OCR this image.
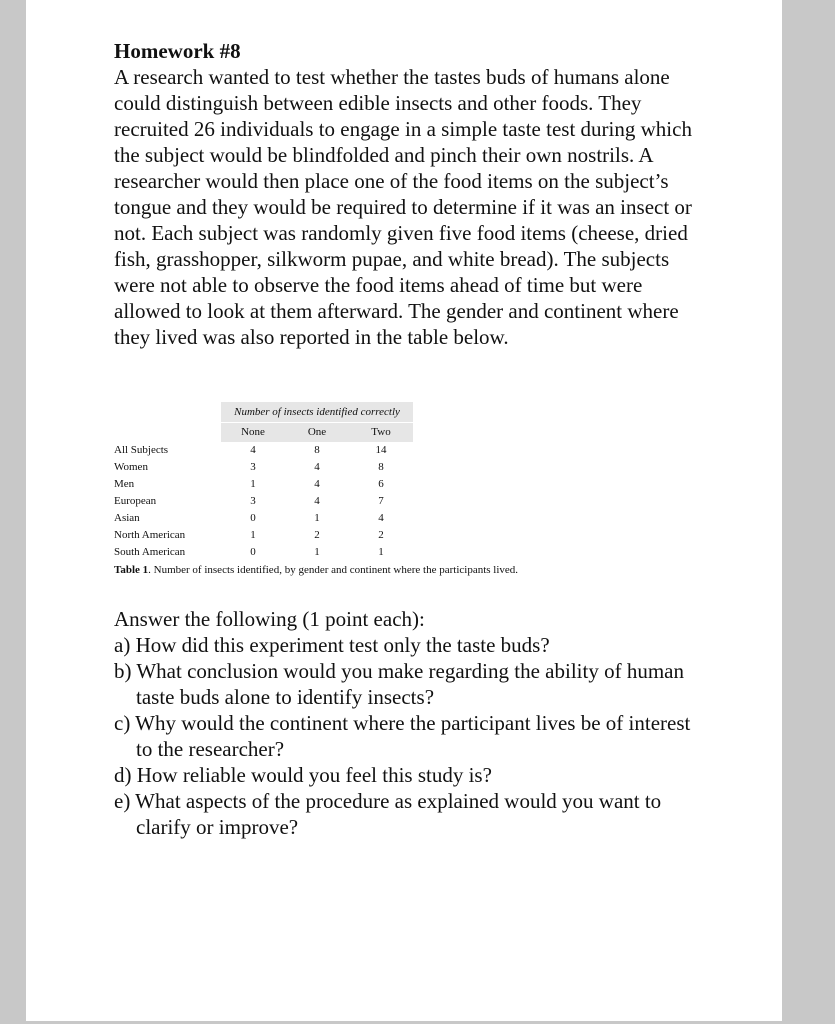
Homework #8

A research wanted to test whether the tastes buds of humans alone could distinguish between edible insects and other foods. They recruited 26 individuals to engage in a simple taste test during which the subject would be blindfolded and pinch their own nostrils. A researcher would then place one of the food items on the subject’s tongue and they would be required to determine if it was an insect or not. Each subject was randomly given five food items (cheese, dried fish, grasshopper, silkworm pupae, and white bread). The subjects were not able to observe the food items ahead of time but were allowed to look at them afterward. The gender and continent where they lived was also reported in the table below.

Number of insects identified correctly
None	One	Two
All Subjects	4	8	14
Women	3	4	8
Men	1	4	6
European	3	4	7
Asian	0	1	4
North American	1	2	2
South American	0	1	1
Table 1. Number of insects identified, by gender and continent where the participants lived.

Answer the following (1 point each):

a) How did this experiment test only the taste buds?
b) What conclusion would you make regarding the ability of human taste buds alone to identify insects?
c) Why would the continent where the participant lives be of interest to the researcher?
d) How reliable would you feel this study is?
e) What aspects of the procedure as explained would you want to clarify or improve?
